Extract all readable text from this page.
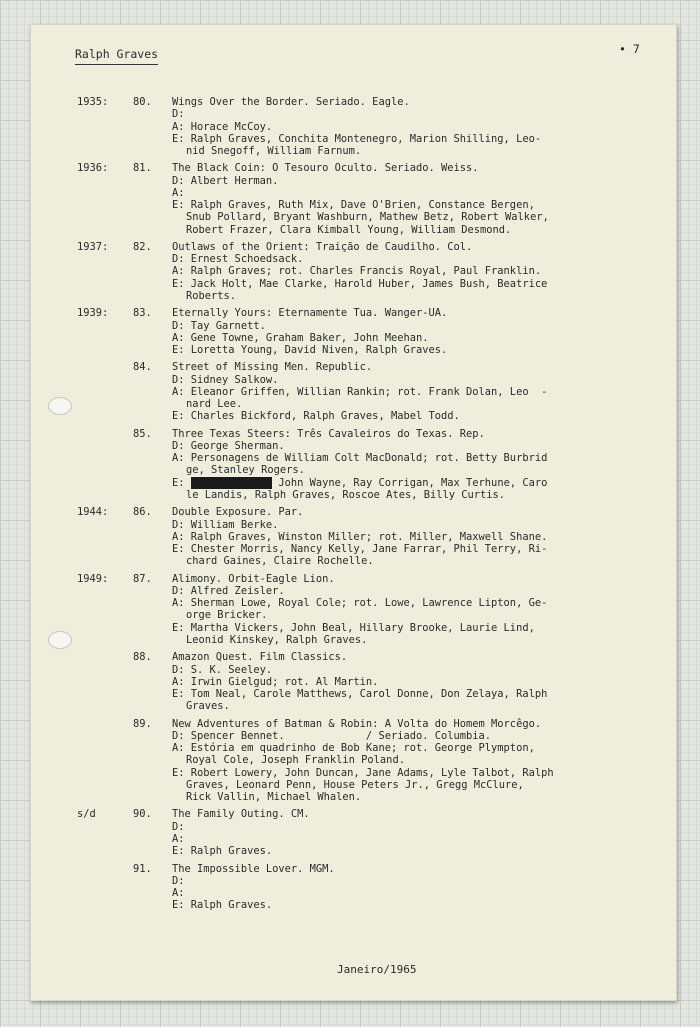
Ralph Graves	• 7
1935: 80. Wings Over the Border. Seriado. Eagle.
D:
A: Horace McCoy.
E: Ralph Graves, Conchita Montenegro, Marion Shilling, Leo-
nid Snegoff, William Farnum.
1936: 81. The Black Coin: O Tesouro Oculto. Seriado. Weiss.
D: Albert Herman.
A:
E: Ralph Graves, Ruth Mix, Dave O'Brien, Constance Bergen,
Snub Pollard, Bryant Washburn, Mathew Betz, Robert Walker,
Robert Frazer, Clara Kimball Young, William Desmond.
1937: 82. Outlaws of the Orient: Traição de Caudilho. Col.
D: Ernest Schoedsack.
A: Ralph Graves; rot. Charles Francis Royal, Paul Franklin.
E: Jack Holt, Mae Clarke, Harold Huber, James Bush, Beatrice
Roberts.
1939: 83. Eternally Yours: Eternamente Tua. Wanger-UA.
D: Tay Garnett.
A: Gene Towne, Graham Baker, John Meehan.
E: Loretta Young, David Niven, Ralph Graves.
84. Street of Missing Men. Republic.
D: Sidney Salkow.
A: Eleanor Griffen, Willian Rankin; rot. Frank Dolan, Leo  -
nard Lee.
E: Charles Bickford, Ralph Graves, Mabel Todd.
85. Three Texas Steers: Três Cavaleiros do Texas. Rep.
D: George Sherman.
A: Personagens de William Colt MacDonald; rot. Betty Burbrid
ge, Stanley Rogers.
E: Ralph Graves, John Wayne, Ray Corrigan, Max Terhune, Caro
le Landis, Ralph Graves, Roscoe Ates, Billy Curtis.
1944: 86. Double Exposure. Par.
D: William Berke.
A: Ralph Graves, Winston Miller; rot. Miller, Maxwell Shane.
E: Chester Morris, Nancy Kelly, Jane Farrar, Phil Terry, Ri-
chard Gaines, Claire Rochelle.
1949: 87. Alimony. Orbit-Eagle Lion.
D: Alfred Zeisler.
A: Sherman Lowe, Royal Cole; rot. Lowe, Lawrence Lipton, Ge-
orge Bricker.
E: Martha Vickers, John Beal, Hillary Brooke, Laurie Lind,
Leonid Kinskey, Ralph Graves.
88. Amazon Quest. Film Classics.
D: S. K. Seeley.
A: Irwin Gielgud; rot. Al Martin.
E: Tom Neal, Carole Matthews, Carol Donne, Don Zelaya, Ralph
Graves.
89. New Adventures of Batman & Robin: A Volta do Homem Morcêgo.
D: Spencer Bennet.             / Seriado. Columbia.
A: Estória em quadrinho de Bob Kane; rot. George Plympton,
Royal Cole, Joseph Franklin Poland.
E: Robert Lowery, John Duncan, Jane Adams, Lyle Talbot, Ralph
Graves, Leonard Penn, House Peters Jr., Gregg McClure,
Rick Vallin, Michael Whalen.
s/d	90. The Family Outing. CM.
D:
A:
E: Ralph Graves.
91. The Impossible Lover. MGM.
D:
A:
E: Ralph Graves.
Janeiro/1965
